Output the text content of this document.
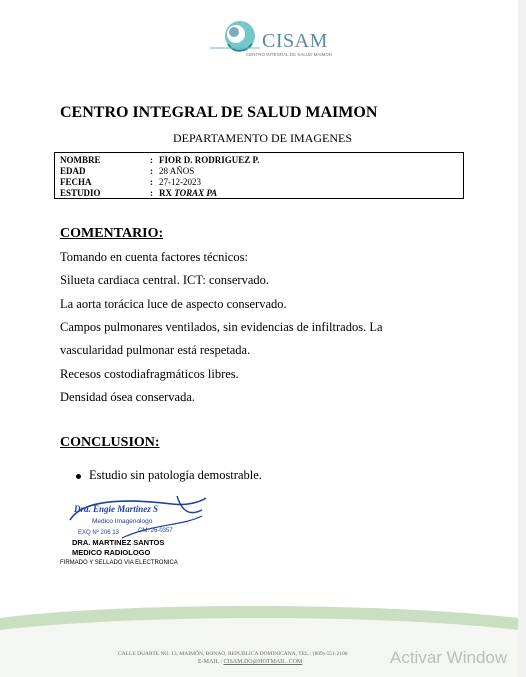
CISAM
CENTRO INTEGRAL DE SALUD MAIMON
CENTRO INTEGRAL DE SALUD MAIMON
DEPARTAMENTO DE IMAGENES
NOMBRE	: FIOR D. RODRIGUEZ P.
EDAD	: 28 AÑOS
FECHA	: 27-12-2023
ESTUDIO	: RX TORAX PA
COMENTARIO:
Tomando en cuenta factores técnicos:
Silueta cardiaca central. ICT: conservado.
La aorta torácica luce de aspecto conservado.
Campos pulmonares ventilados, sin evidencias de infiltrados. La
vascularidad pulmonar está respetada.
Recesos costodiafragmáticos libres.
Densidad ósea conservada.
CONCLUSION:
Estudio sin patología demostrable.
Dra. Engie Martinez S
Medico Imagenologo
EXQ Nº 206 13	CM: 26-0357
DRA. MARTINEZ SANTOS
MEDICO RADIOLOGO
FIRMADO Y SELLADO VIA ELECTRONICA
CALLE DUARTE NO. 13, MAIMÓN, BONAO, REPUBLICA DOMINICANA, TEL.: (809)-551-2106
E-MAIL : CISAM.DO@HOTMAIL .COM	Activar Window
